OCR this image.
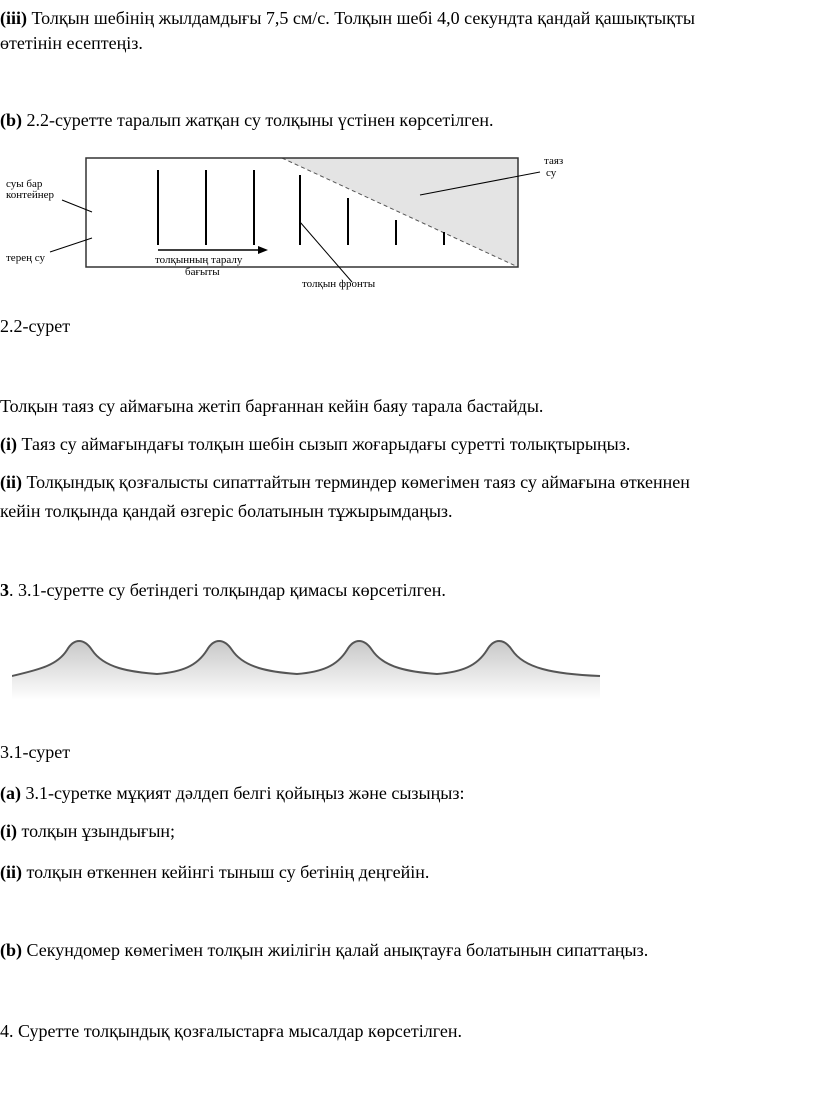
(iii) Толқын шебінің жылдамдығы 7,5 см/с. Толқын шебі 4,0 секундта қандай қашықтықты
өтетінін есептеңіз.
(b) 2.2-суретте таралып жатқан су толқыны үстінен көрсетілген.
суы бар
контейнер
терең су	толқынның таралу
бағыты
толқын фронты
таяз
су
2.2-сурет
Толқын таяз су аймағына жетіп барғаннан кейін баяу тарала бастайды.
(i) Таяз су аймағындағы толқын шебін сызып жоғарыдағы суретті толықтырыңыз.
(ii) Толқындық қозғалысты сипаттайтын терминдер көмегімен таяз су аймағына өткеннен
кейін толқында қандай өзгеріс болатынын тұжырымдаңыз.
3. 3.1-суретте су бетіндегі толқындар қимасы көрсетілген.
3.1-сурет
(а) 3.1-суретке мұқият дәлдеп белгі қойыңыз және сызыңыз:
(i) толқын ұзындығын;
(ii) толқын өткеннен кейінгі тыныш су бетінің деңгейін.
(b) Секундомер көмегімен толқын жиілігін қалай анықтауға болатынын сипаттаңыз.
4. Суретте толқындық қозғалыстарға мысалдар көрсетілген.
